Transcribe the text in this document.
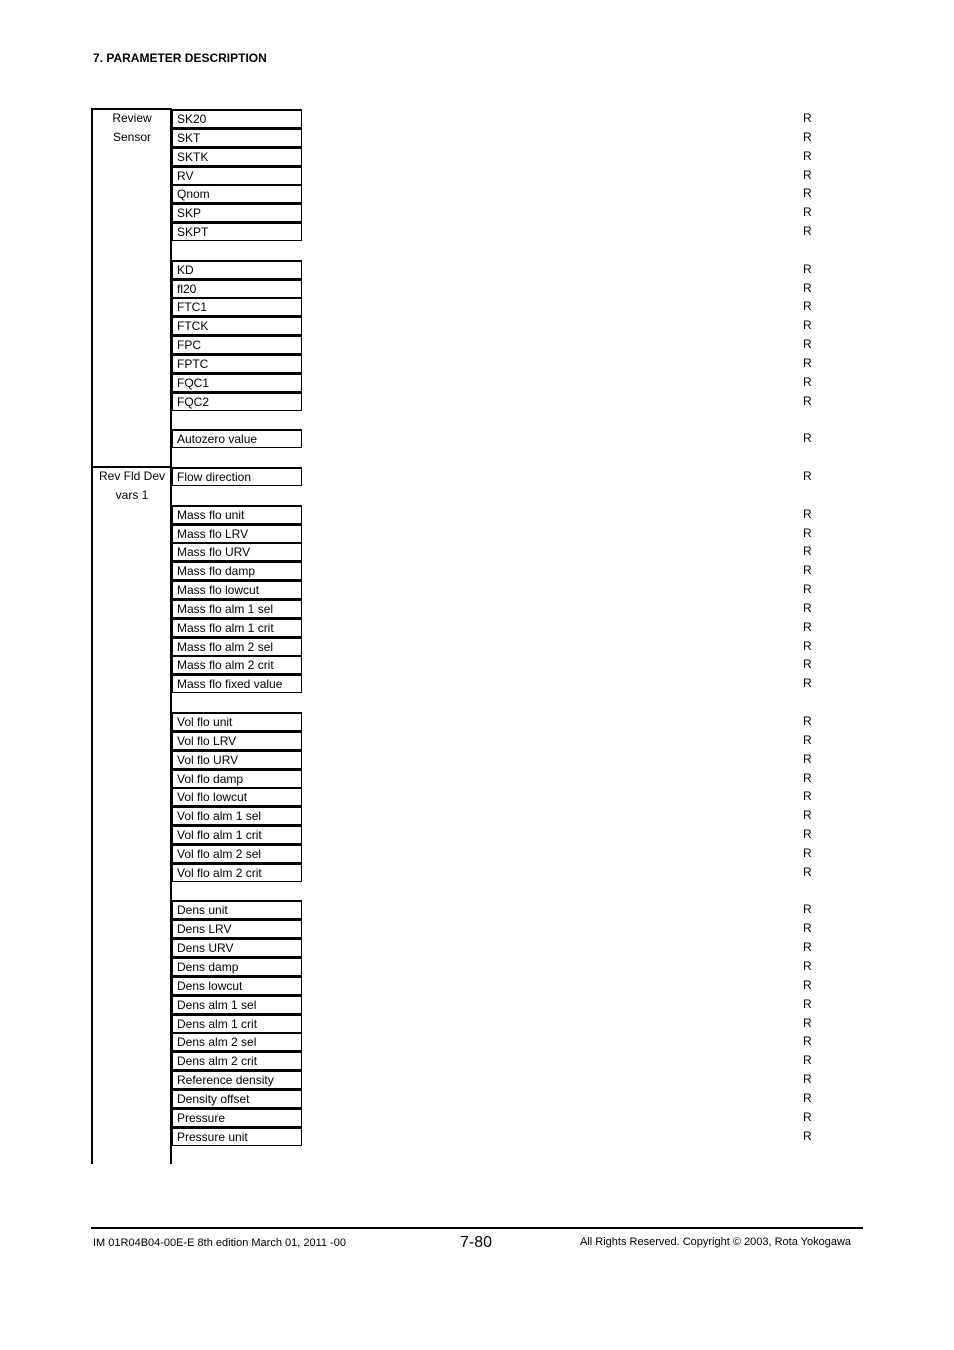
7. PARAMETER DESCRIPTION
Review
Sensor
Rev Fld Dev
vars 1
SK20	R
SKT	R
SKTK	R
RV	R
Qnom	R
SKP	R
SKPT	R
KD	R
fl20	R
FTC1	R
FTCK	R
FPC	R
FPTC	R
FQC1	R
FQC2	R
Autozero value	R
Flow direction	R
Mass flo unit	R
Mass flo LRV	R
Mass flo URV	R
Mass flo damp	R
Mass flo lowcut	R
Mass flo alm 1 sel	R
Mass flo alm 1 crit	R
Mass flo alm 2 sel	R
Mass flo alm 2 crit	R
Mass flo fixed value	R
Vol flo unit	R
Vol flo LRV	R
Vol flo URV	R
Vol flo damp	R
Vol flo lowcut	R
Vol flo alm 1 sel	R
Vol flo alm 1 crit	R
Vol flo alm 2 sel	R
Vol flo alm 2 crit	R
Dens unit	R
Dens LRV	R
Dens URV	R
Dens damp	R
Dens lowcut	R
Dens alm 1 sel	R
Dens alm 1 crit	R
Dens alm 2 sel	R
Dens alm 2 crit	R
Reference density	R
Density offset	R
Pressure	R
Pressure unit	R
IM 01R04B04-00E-E 8th edition March 01, 2011 -00	7-80	All Rights Reserved. Copyright © 2003, Rota Yokogawa
